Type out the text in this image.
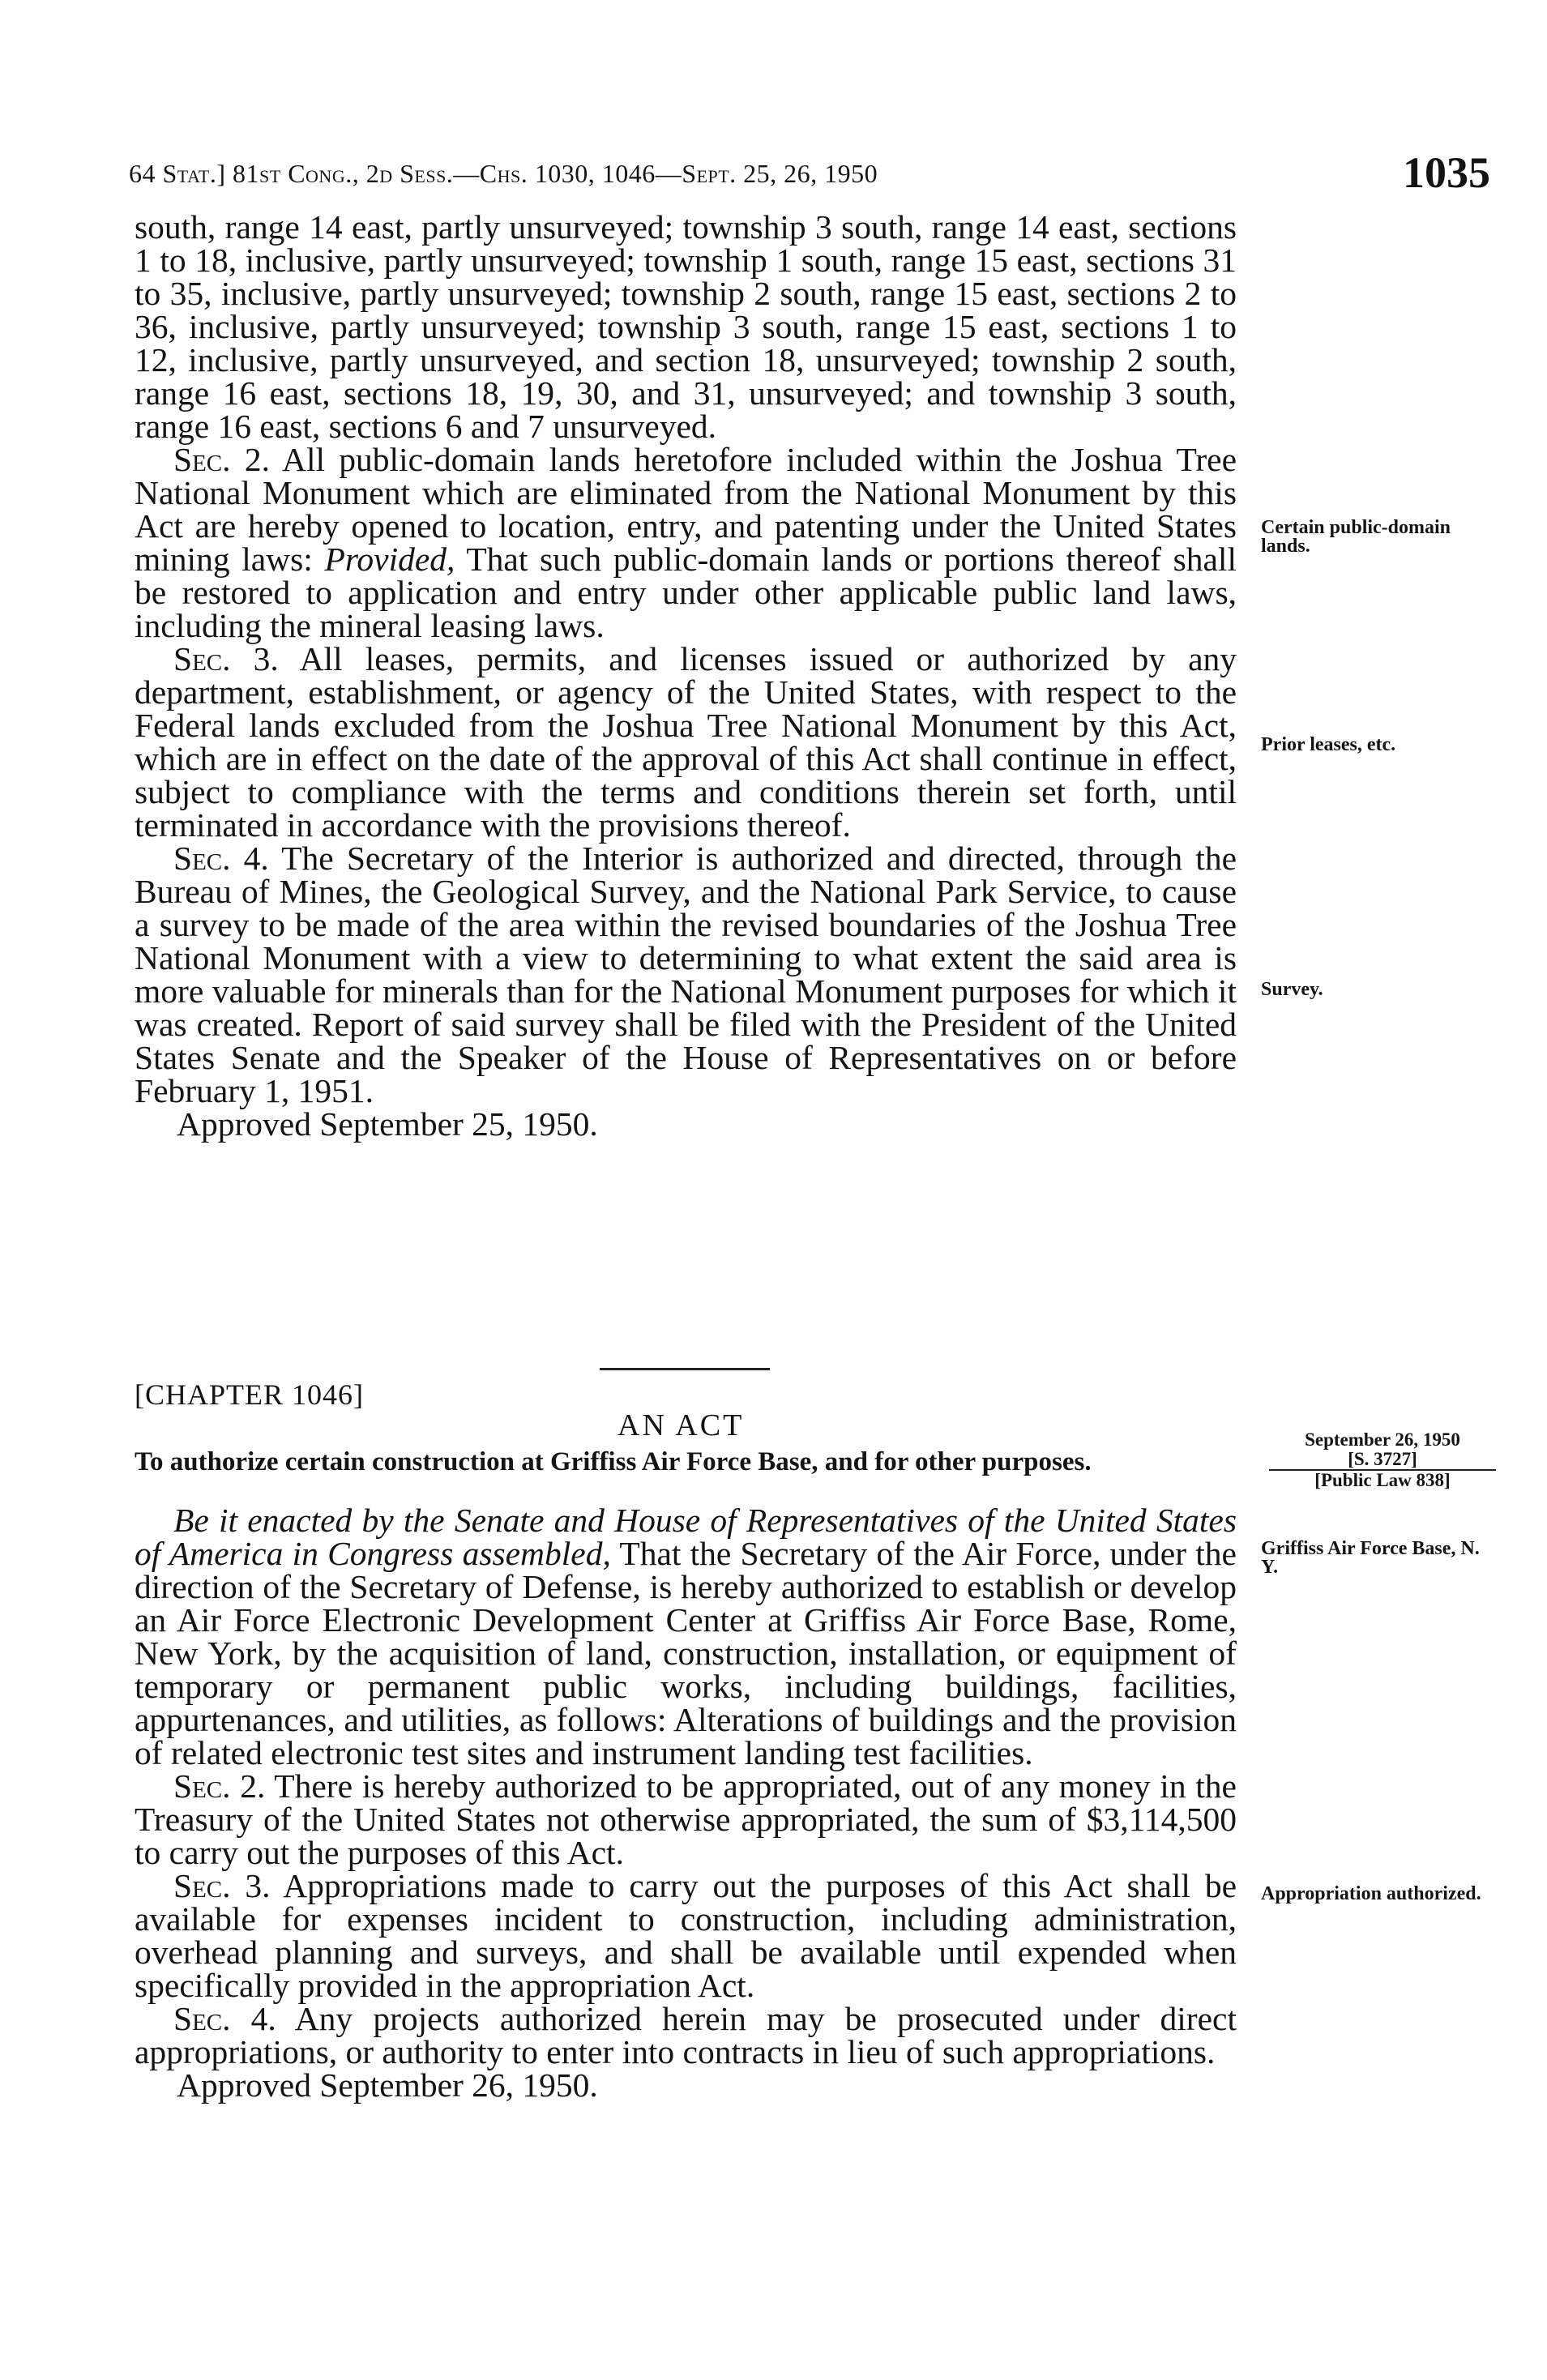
64 Stat.] 81st Cong., 2d Sess.—Chs. 1030, 1046—Sept. 25, 26, 1950	1035

south, range 14 east, partly unsurveyed; township 3 south, range 14 east, sections 1 to 18, inclusive, partly unsurveyed; township 1 south, range 15 east, sections 31 to 35, inclusive, partly unsurveyed; township 2 south, range 15 east, sections 2 to 36, inclusive, partly unsurveyed; township 3 south, range 15 east, sections 1 to 12, inclusive, partly unsurveyed, and section 18, unsurveyed; township 2 south, range 16 east, sections 18, 19, 30, and 31, unsurveyed; and township 3 south, range 16 east, sections 6 and 7 unsurveyed.

Sec. 2. All public-domain lands heretofore included within the Joshua Tree National Monument which are eliminated from the National Monument by this Act are hereby opened to location, entry, and patenting under the United States mining laws: Provided, That such public-domain lands or portions thereof shall be restored to application and entry under other applicable public land laws, including the mineral leasing laws.

Sec. 3. All leases, permits, and licenses issued or authorized by any department, establishment, or agency of the United States, with respect to the Federal lands excluded from the Joshua Tree National Monument by this Act, which are in effect on the date of the approval of this Act shall continue in effect, subject to compliance with the terms and conditions therein set forth, until terminated in accordance with the provisions thereof.

Sec. 4. The Secretary of the Interior is authorized and directed, through the Bureau of Mines, the Geological Survey, and the National Park Service, to cause a survey to be made of the area within the revised boundaries of the Joshua Tree National Monument with a view to determining to what extent the said area is more valuable for minerals than for the National Monument purposes for which it was created. Report of said survey shall be filed with the President of the United States Senate and the Speaker of the House of Representatives on or before February 1, 1951.

Approved September 25, 1950.

Certain public-domain lands.
Prior leases, etc.
Survey.
[CHAPTER 1046]
AN ACT
To authorize certain construction at Griffiss Air Force Base, and for other purposes.
September 26, 1950
[S. 3727]
[Public Law 838]

Be it enacted by the Senate and House of Representatives of the United States of America in Congress assembled, That the Secretary of the Air Force, under the direction of the Secretary of Defense, is hereby authorized to establish or develop an Air Force Electronic Development Center at Griffiss Air Force Base, Rome, New York, by the acquisition of land, construction, installation, or equipment of temporary or permanent public works, including buildings, facilities, appurtenances, and utilities, as follows: Alterations of buildings and the provision of related electronic test sites and instrument landing test facilities.

Sec. 2. There is hereby authorized to be appropriated, out of any money in the Treasury of the United States not otherwise appropriated, the sum of $3,114,500 to carry out the purposes of this Act.

Sec. 3. Appropriations made to carry out the purposes of this Act shall be available for expenses incident to construction, including administration, overhead planning and surveys, and shall be available until expended when specifically provided in the appropriation Act.

Sec. 4. Any projects authorized herein may be prosecuted under direct appropriations, or authority to enter into contracts in lieu of such appropriations.

Approved September 26, 1950.

Griffiss Air Force Base, N. Y.
Appropriation authorized.
